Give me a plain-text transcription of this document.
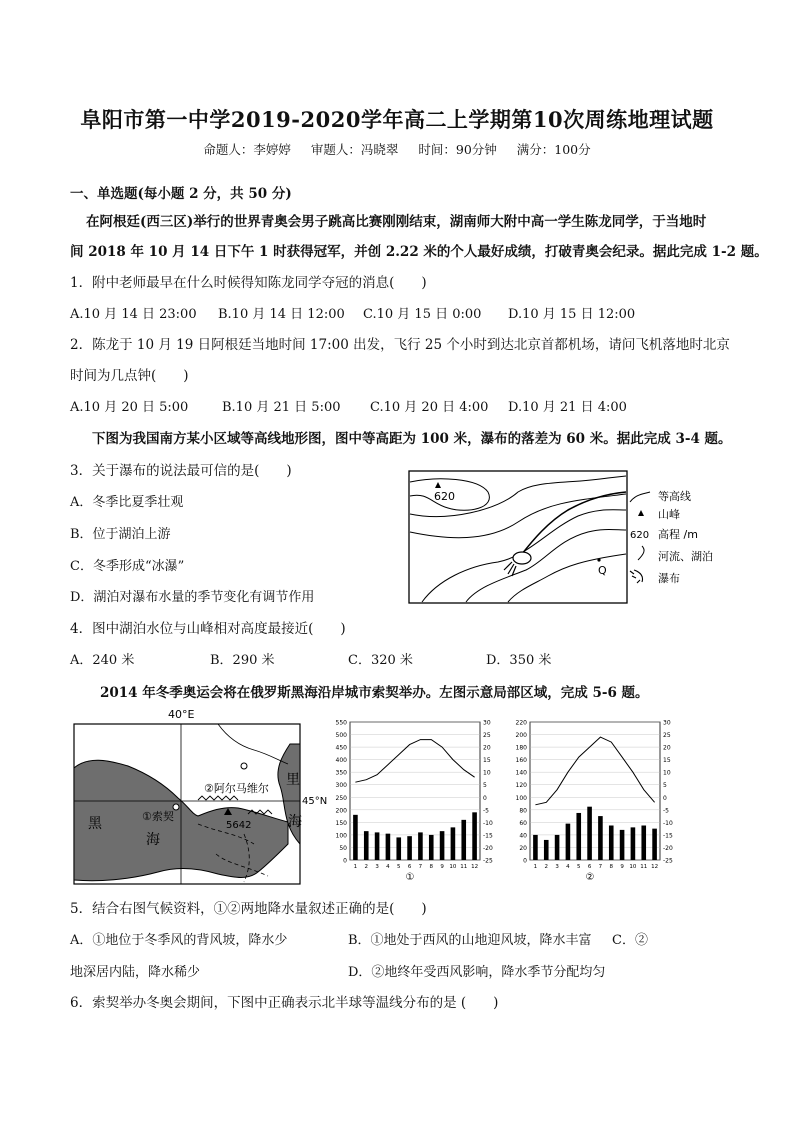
阜阳市第一中学2019-2020学年高二上学期第10次周练地理试题
命题人：李婷婷 审题人：冯晓翠 时间：90分钟 满分：100分
一、单选题(每小题 2 分，共 50 分)
在阿根廷(西三区)举行的世界青奥会男子跳高比赛刚刚结束，湖南师大附中高一学生陈龙同学，于当地时
间 2018 年 10 月 14 日下午 1 时获得冠军，并创 2.22 米的个人最好成绩，打破青奥会纪录。据此完成 1-2 题。
1．附中老师最早在什么时候得知陈龙同学夺冠的消息(　　)
A.10 月 14 日 23:00 B.10 月 14 日 12:00 C.10 月 15 日 0:00 D.10 月 15 日 12:00
2．陈龙于 10 月 19 日阿根廷当地时间 17:00 出发，飞行 25 个小时到达北京首都机场，请问飞机落地时北京
时间为几点钟(　　)
A.10 月 20 日 5:00	B.10 月 21 日 5:00 C.10 月 20 日 4:00 D.10 月 21 日 4:00
下图为我国南方某小区域等高线地形图，图中等高距为 100 米，瀑布的落差为 60 米。据此完成 3-4 题。
3．关于瀑布的说法最可信的是(　　)
A．冬季比夏季壮观
B．位于湖泊上游
C．冬季形成“冰瀑”
D．湖泊对瀑布水量的季节变化有调节作用
620
Q
等高线
山峰
620 高程 /m
河流、湖泊
瀑布
4．图中湖泊水位与山峰相对高度最接近(　　)
A．240 米	B．290 米	C．320 米	D．350 米
2014 年冬季奥运会将在俄罗斯黑海沿岸城市索契举办。左图示意局部区域，完成 5-6 题。
40°E
5642
①索契
②阿尔马维尔
黑
海
里
海
45°N
550
500
450
400
350
300
250
200
150
100
50
0
30
25
20
15
10
5
0
-5
-10
-15
-20
-25
1 2 3 4 5 6 7 8 9 10 11 12
①
220
200
180
160
140
120
100
80
60
40
20
0
30
25
20
15
10
5
0
-5
-10
-15
-20
-25
1 2 3 4 5 6 7 8 9 10 11 12
②
5．结合右图气候资料，①②两地降水量叙述正确的是(　　)
A．①地位于冬季风的背风坡，降水少	B．①地处于西风的山地迎风坡，降水丰富 C．②
地深居内陆，降水稀少	D．②地终年受西风影响，降水季节分配均匀
6．索契举办冬奥会期间，下图中正确表示北半球等温线分布的是 (　　)
